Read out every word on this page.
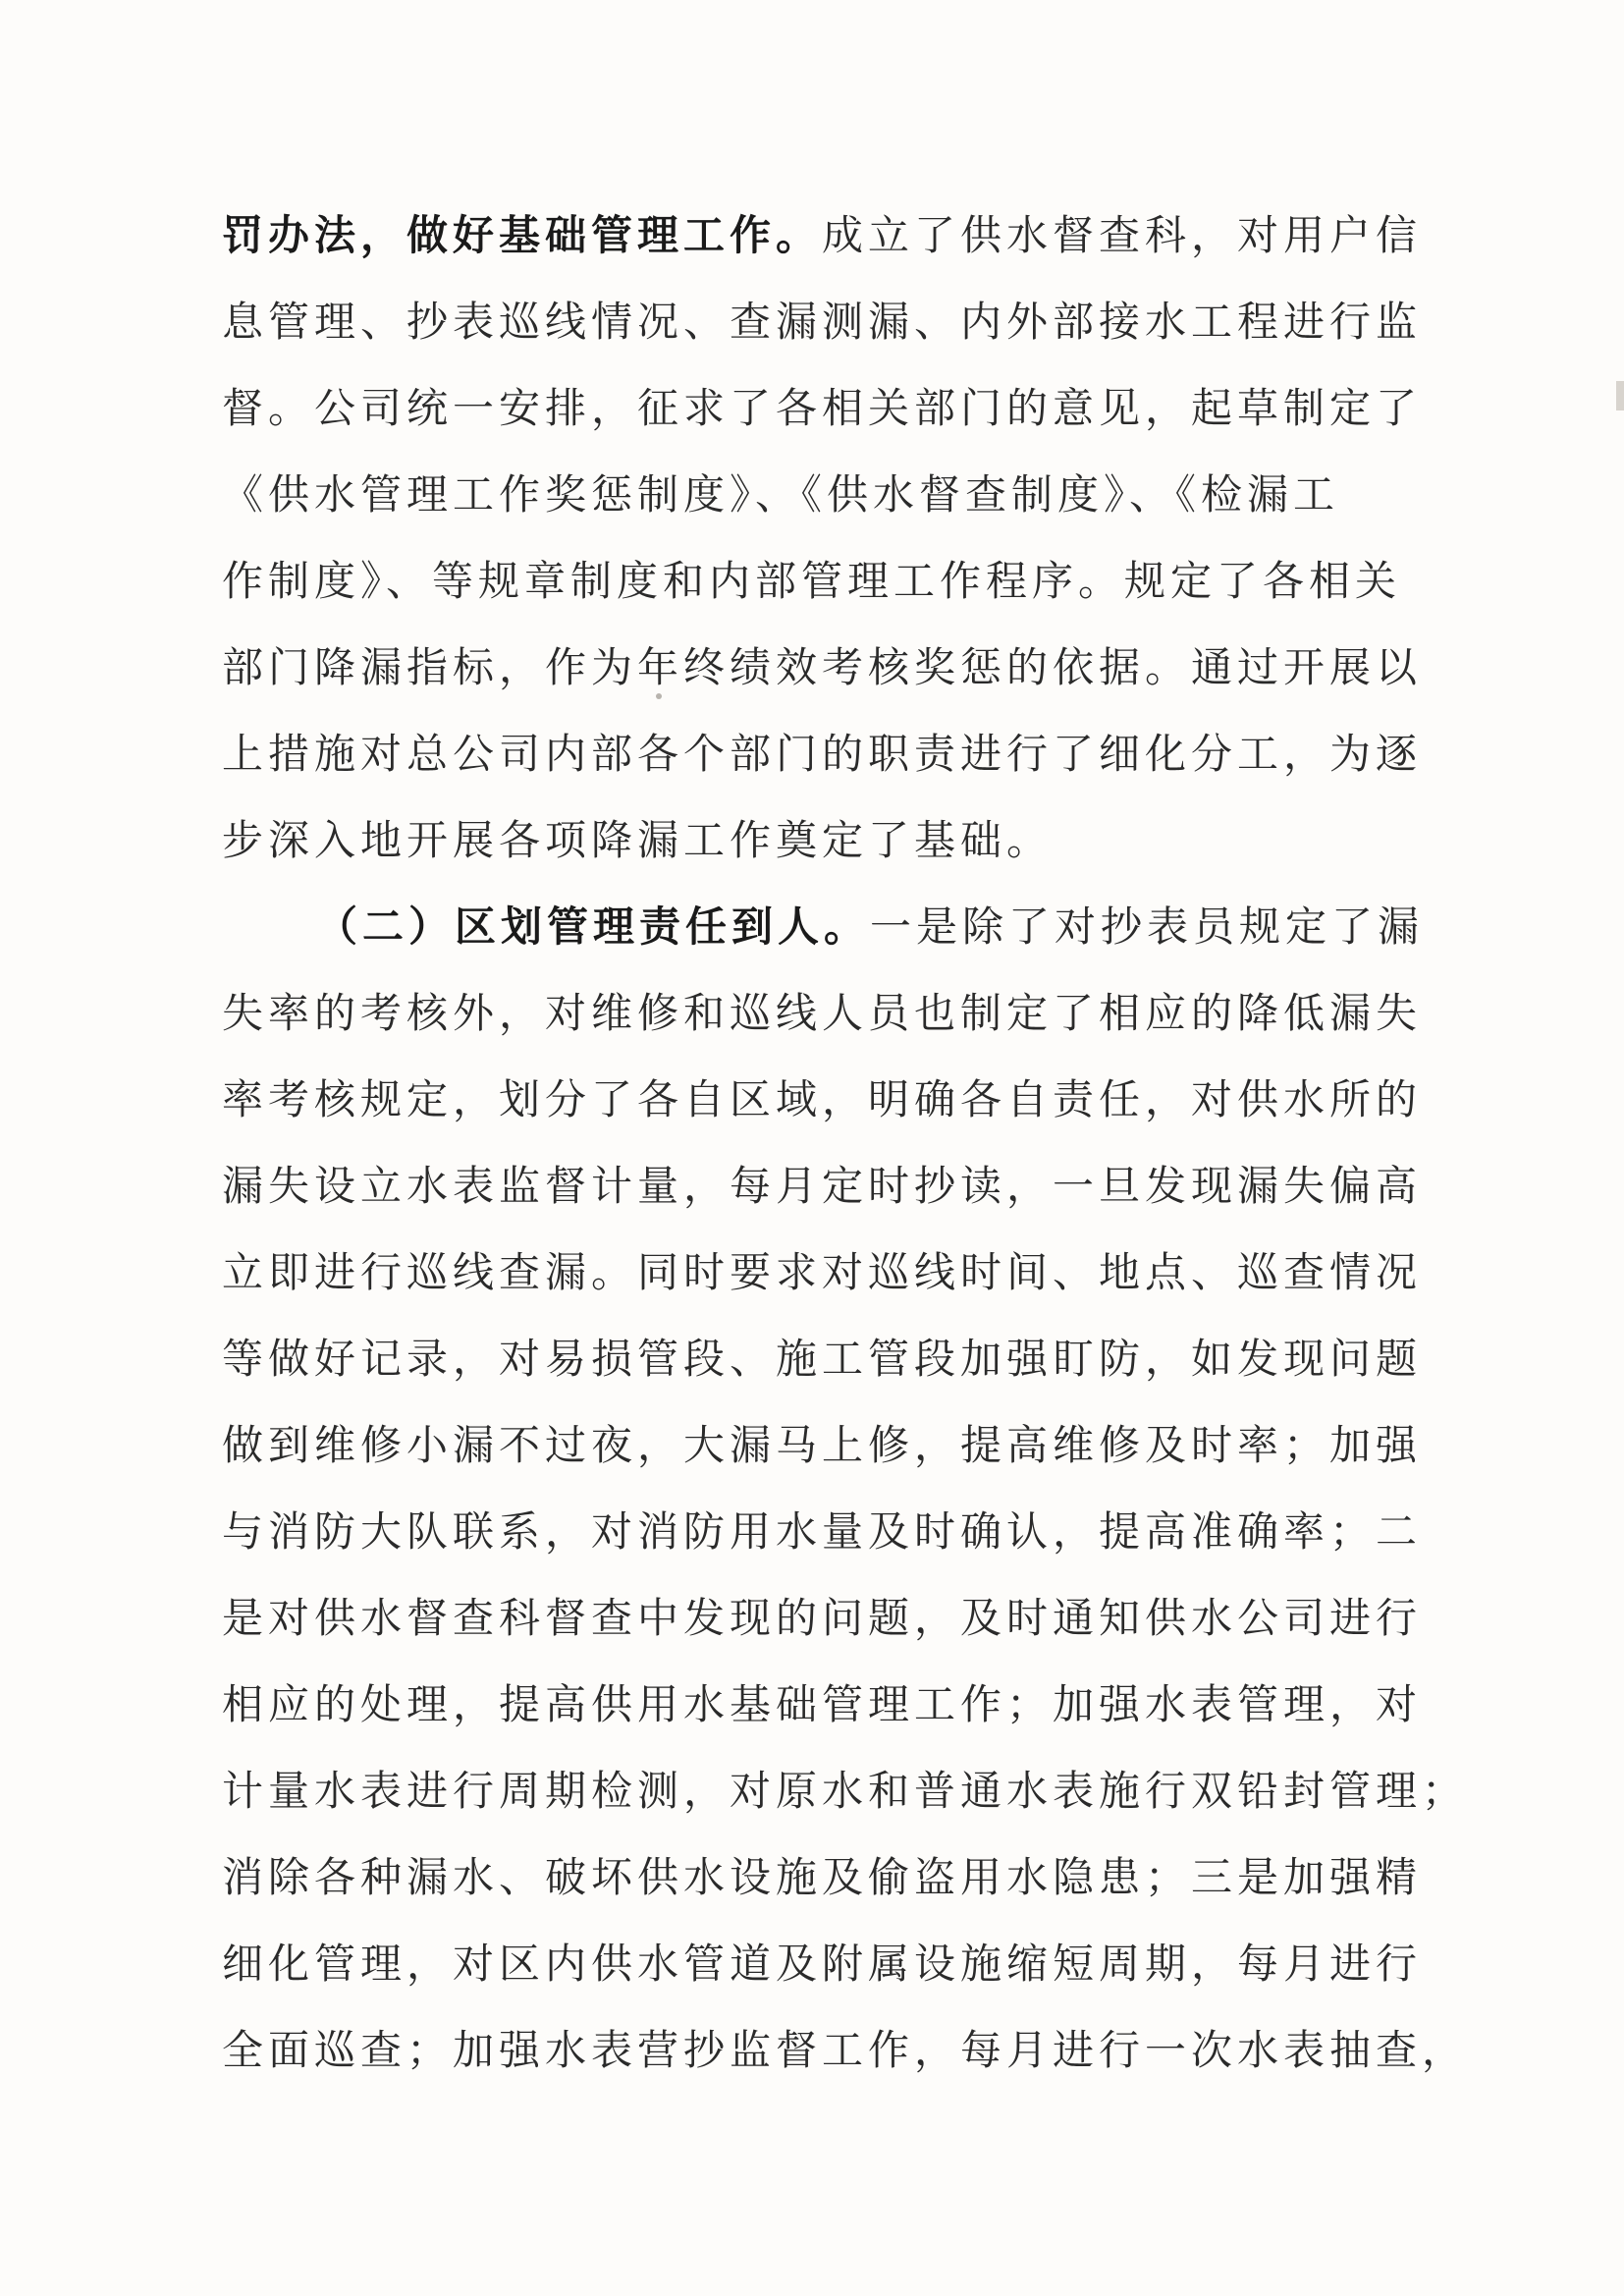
罚办法，做好基础管理工作。成立了供水督查科，对用户信
息管理、抄表巡线情况、查漏测漏、内外部接水工程进行监
督。公司统一安排，征求了各相关部门的意见，起草制定了
《供水管理工作奖惩制度》、《供水督查制度》、《检漏工
作制度》、等规章制度和内部管理工作程序。规定了各相关
部门降漏指标，作为年终绩效考核奖惩的依据。通过开展以
上措施对总公司内部各个部门的职责进行了细化分工，为逐
步深入地开展各项降漏工作奠定了基础。
（二）区划管理责任到人。一是除了对抄表员规定了漏
失率的考核外，对维修和巡线人员也制定了相应的降低漏失
率考核规定，划分了各自区域，明确各自责任，对供水所的
漏失设立水表监督计量，每月定时抄读，一旦发现漏失偏高
立即进行巡线查漏。同时要求对巡线时间、地点、巡查情况
等做好记录，对易损管段、施工管段加强盯防，如发现问题
做到维修小漏不过夜，大漏马上修，提高维修及时率；加强
与消防大队联系，对消防用水量及时确认，提高准确率；二
是对供水督查科督查中发现的问题，及时通知供水公司进行
相应的处理，提高供用水基础管理工作；加强水表管理，对
计量水表进行周期检测，对原水和普通水表施行双铅封管理；
消除各种漏水、破坏供水设施及偷盗用水隐患；三是加强精
细化管理，对区内供水管道及附属设施缩短周期，每月进行
全面巡查；加强水表营抄监督工作，每月进行一次水表抽查，
